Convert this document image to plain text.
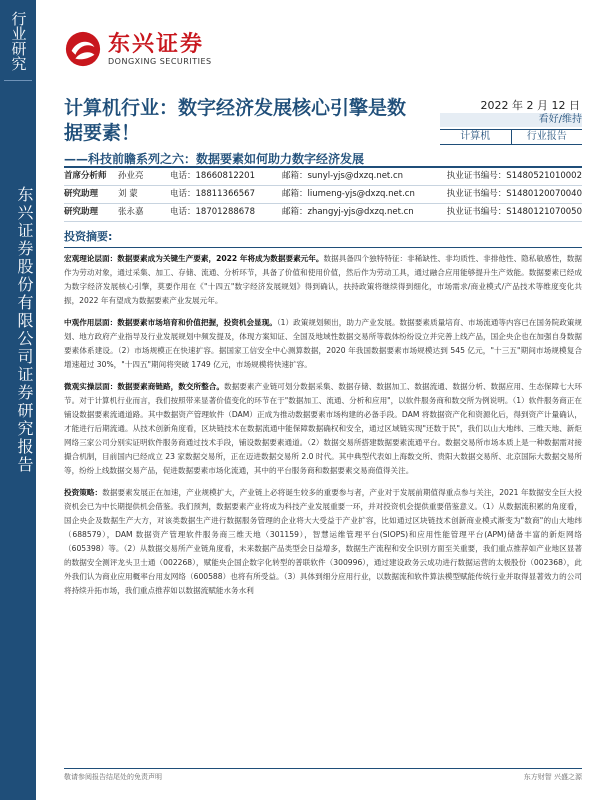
行业研究
东兴证券股份有限公司证券研究报告
东兴证券
DONGXING SECURITIES
计算机行业：数字经济发展核心引擎是数据要素！
——科技前瞻系列之六：数据要素如何助力数字经济发展
2022 年 2 月 12 日
看好/维持
计算机	行业报告
首席分析师	孙业亮	电话：18660812201	邮箱：sunyl-yjs@dxzq.net.cn	执业证书编号：S1480521010002
研究助理	刘 蒙	电话：18811366567	邮箱：liumeng-yjs@dxzq.net.cn	执业证书编号：S1480120070040
研究助理	张永嘉	电话：18701288678	邮箱：zhangyj-yjs@dxzq.net.cn	执业证书编号：S1480121070050
投资摘要:

宏观理论层面：数据要素成为关键生产要素，2022 年将成为数据要素元年。数据具备四个独特特征：非稀缺性、非均质性、非排他性、隐私敏感性，数据作为劳动对象，通过采集、加工、存储、流通、分析环节，具备了价值和使用价值，然后作为劳动工具，通过融合应用能够提升生产效能。数据要素已经成为数字经济发展核心引擎，莫要作用在《"十四五"数字经济发展规划》得到确认，扶持政策将继续得到细化，市场需求/商业模式/产品技术等维度变化共振，2022 年有望成为数据要素产业发展元年。

中观作用层面：数据要素市场培育和价值把握，投资机会显现。（1）政策规划频出，助力产业发展。数据要素质量培育、市场流通等内容已在国务院政策规划、地方政府产业指导及行业发展规划中频发提及，体现方案知证、全国及地域性数据交易所等载体纷纷设立并完善上线产品，国企央企也在加强自身数据要素体系建设。（2）市场规模正在快速扩容。据国家工信安全中心测算数据，2020 年我国数据要素市场规模达到 545 亿元，"十三五"期间市场规模复合增速超过 30%，"十四五"期间将突破 1749 亿元，市场规模将快速扩容。

微观实操层面：数据要素商链路，数交所整合。数据要素产业链可划分数据采集、数据存储、数据加工、数据流通、数据分析、数据应用、生态保障七大环节。对于计算机行业而言，我们按照带来显著价值变化的环节在于"数据加工、流通、分析和应用"，以软件服务商和数交所为例说明。（1）软件服务商正在铺设数据要素流通道路。其中数据资产管理软件（DAM）正成为推动数据要素市场构建的必备手段。DAM 将数据资产化和资源化后，得到资产计量确认，才能进行后期流通。从技术创新角度看，区块链技术在数据流通中能保障数据确权和安全，通过区域链实现"还数于民"，我们以山大地纬、三维天地、新炬网络三家公司分别实证明软件服务商通过技术手段，铺设数据要素通道。（2）数据交易所搭建数据要素流通平台。数据交易所市场本质上是一种数据需对接撮合机制，目前国内已经成立 23 家数据交易所，正在迈进数据交易所 2.0 时代。其中典型代表如上海数交所、贵阳大数据交易所、北京国际大数据交易所等，纷纷上线数据交易产品，促进数据要素市场化流通，其中的平台服务商和数据要素交易商值得关注。

投资策略：数据要素发展正在加速，产业规模扩大，产业链上必将诞生较多的重要参与者，产业对于发展前期值得重点参与关注，2021 年数据安全巨大投资机会已为中长期提供机会借鉴。我们预判，数据要素产业将成为科技产业发展重要一环，并对投资机会提供重要借鉴意义。（1）从数据流积累的角度看，国企央企及数据生产大方，对该类数据生产进行数据服务管理的企业将大大受益于产业扩容，比如通过区块链技术创新商业模式渐变为"数商"的山大地纬（688579），DAM 数据资产管理软件服务商三维天地（301159），智慧运维管理平台(SIOPS)和应用性能管理平台(APM)储备丰富的新炬网络（605398）等。（2）从数据交易所产业链角度看，未来数据产品类型会日益增多，数据生产流程和安全识别方面至关重要，我们重点推荐如产业地区显著的数据安全测评龙头卫士通（002268），赋能央企国企数字化转型的普联软件（300996），通过建设政务云成功进行数据运营的太极股份（002368），此外我们认为商业应用概率台用友网络（600588）也将有所受益。（3）具体到细分应用行业，以数据流和软件算法模型赋能传统行业并取得显著效力的公司将持续升拓市场，我们重点推荐如以数据流赋能水务水利

敬请参阅报告结尾处的免责声明	东方财智 兴盛之源
